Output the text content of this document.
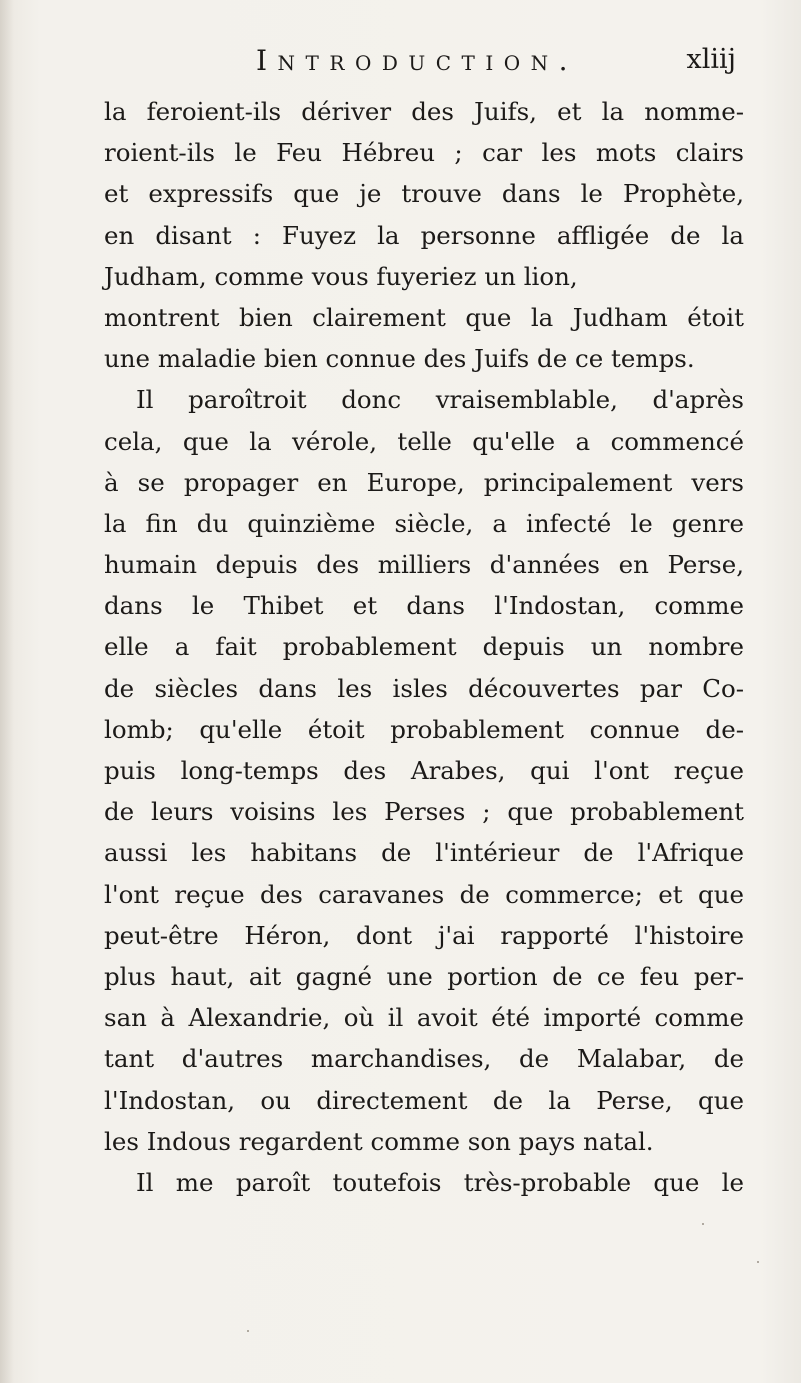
Introduction.	xliij
la feroient-ils dériver des Juifs, et la nomme-
roient-ils le Feu Hébreu ; car les mots clairs
et expressifs que je trouve dans le Prophète,
en disant : Fuyez la personne affligée de la
Judham, comme vous fuyeriez un lion,
montrent bien clairement que la Judham étoit
une maladie bien connue des Juifs de ce temps.
Il paroîtroit donc vraisemblable, d'après
cela, que la vérole, telle qu'elle a commencé
à se propager en Europe, principalement vers
la fin du quinzième siècle, a infecté le genre
humain depuis des milliers d'années en Perse,
dans le Thibet et dans l'Indostan, comme
elle a fait probablement depuis un nombre
de siècles dans les isles découvertes par Co-
lomb; qu'elle étoit probablement connue de-
puis long-temps des Arabes, qui l'ont reçue
de leurs voisins les Perses ; que probablement
aussi les habitans de l'intérieur de l'Afrique
l'ont reçue des caravanes de commerce; et que
peut-être Héron, dont j'ai rapporté l'histoire
plus haut, ait gagné une portion de ce feu per-
san à Alexandrie, où il avoit été importé comme
tant d'autres marchandises, de Malabar, de
l'Indostan, ou directement de la Perse, que
les Indous regardent comme son pays natal.
Il me paroît toutefois très-probable que le
